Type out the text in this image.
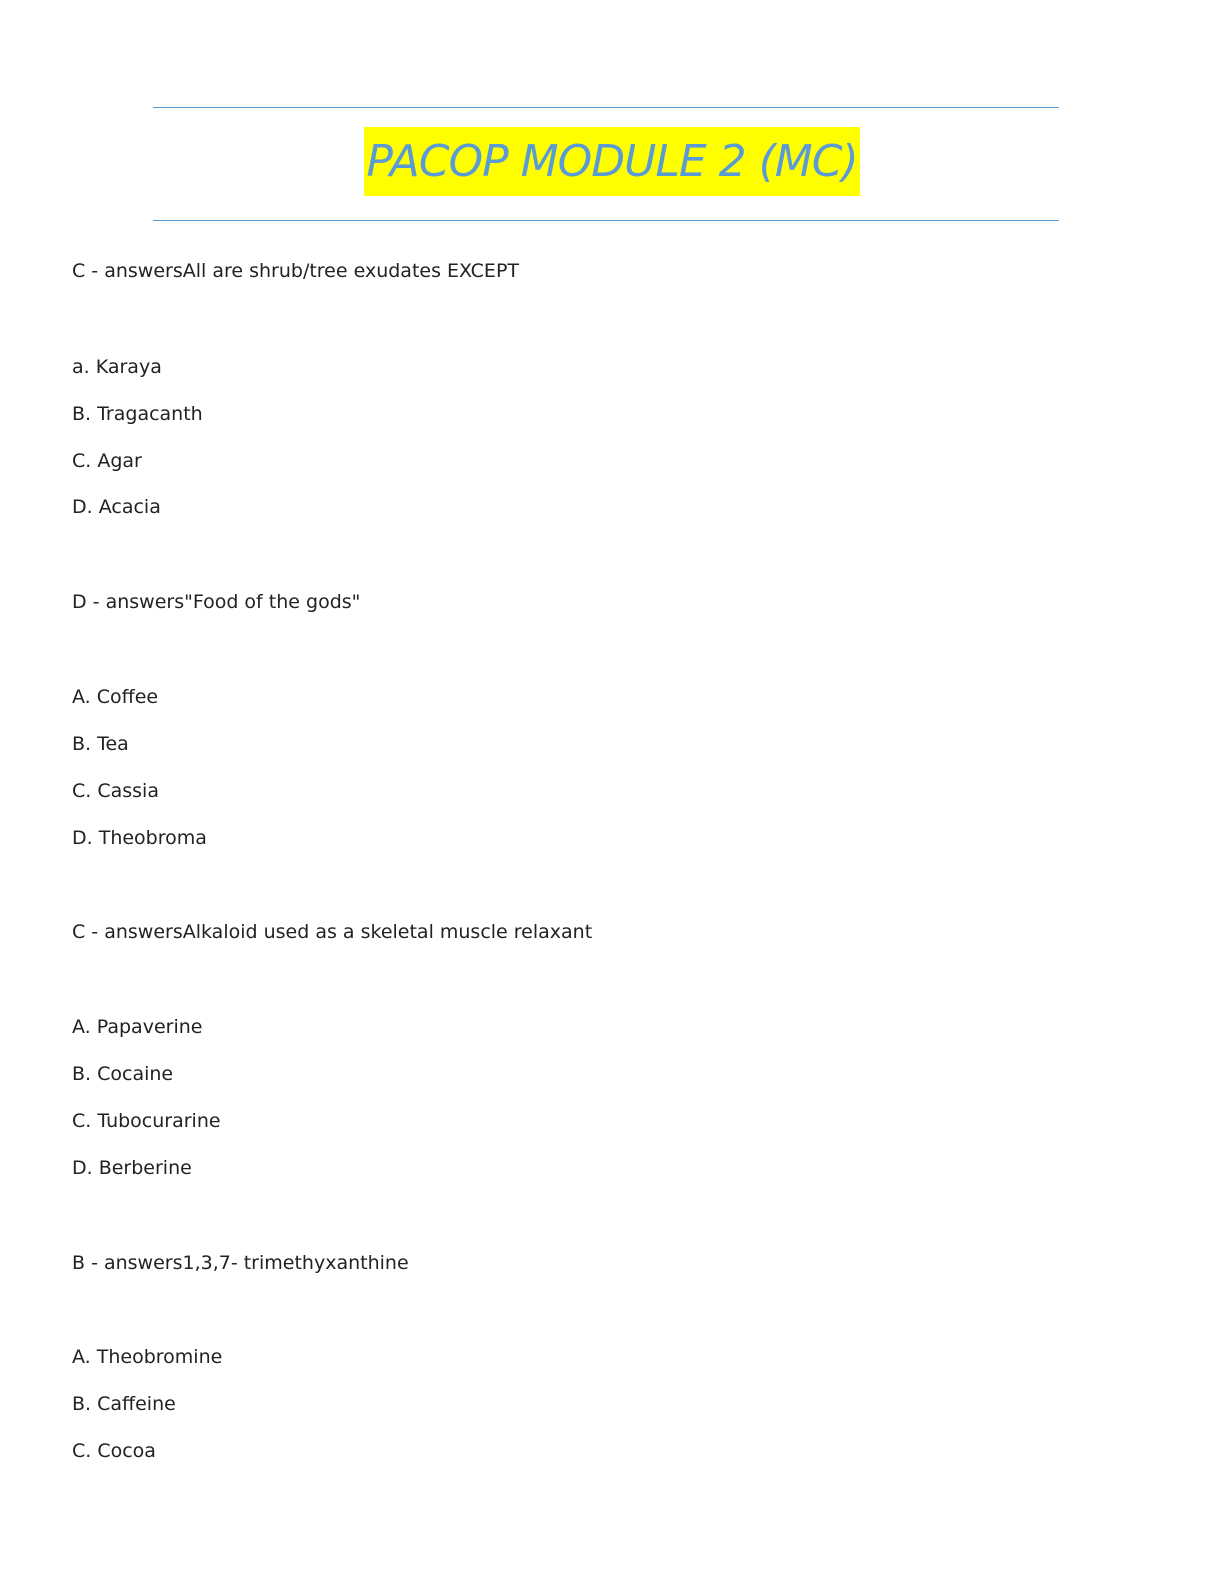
PACOP MODULE 2 (MC)
C - answersAll are shrub/tree exudates EXCEPT
a. Karaya
B. Tragacanth
C. Agar
D. Acacia
D - answers"Food of the gods"
A. Coffee
B. Tea
C. Cassia
D. Theobroma
C - answersAlkaloid used as a skeletal muscle relaxant
A. Papaverine
B. Cocaine
C. Tubocurarine
D. Berberine
B - answers1,3,7- trimethyxanthine
A. Theobromine
B. Caffeine
C. Cocoa
